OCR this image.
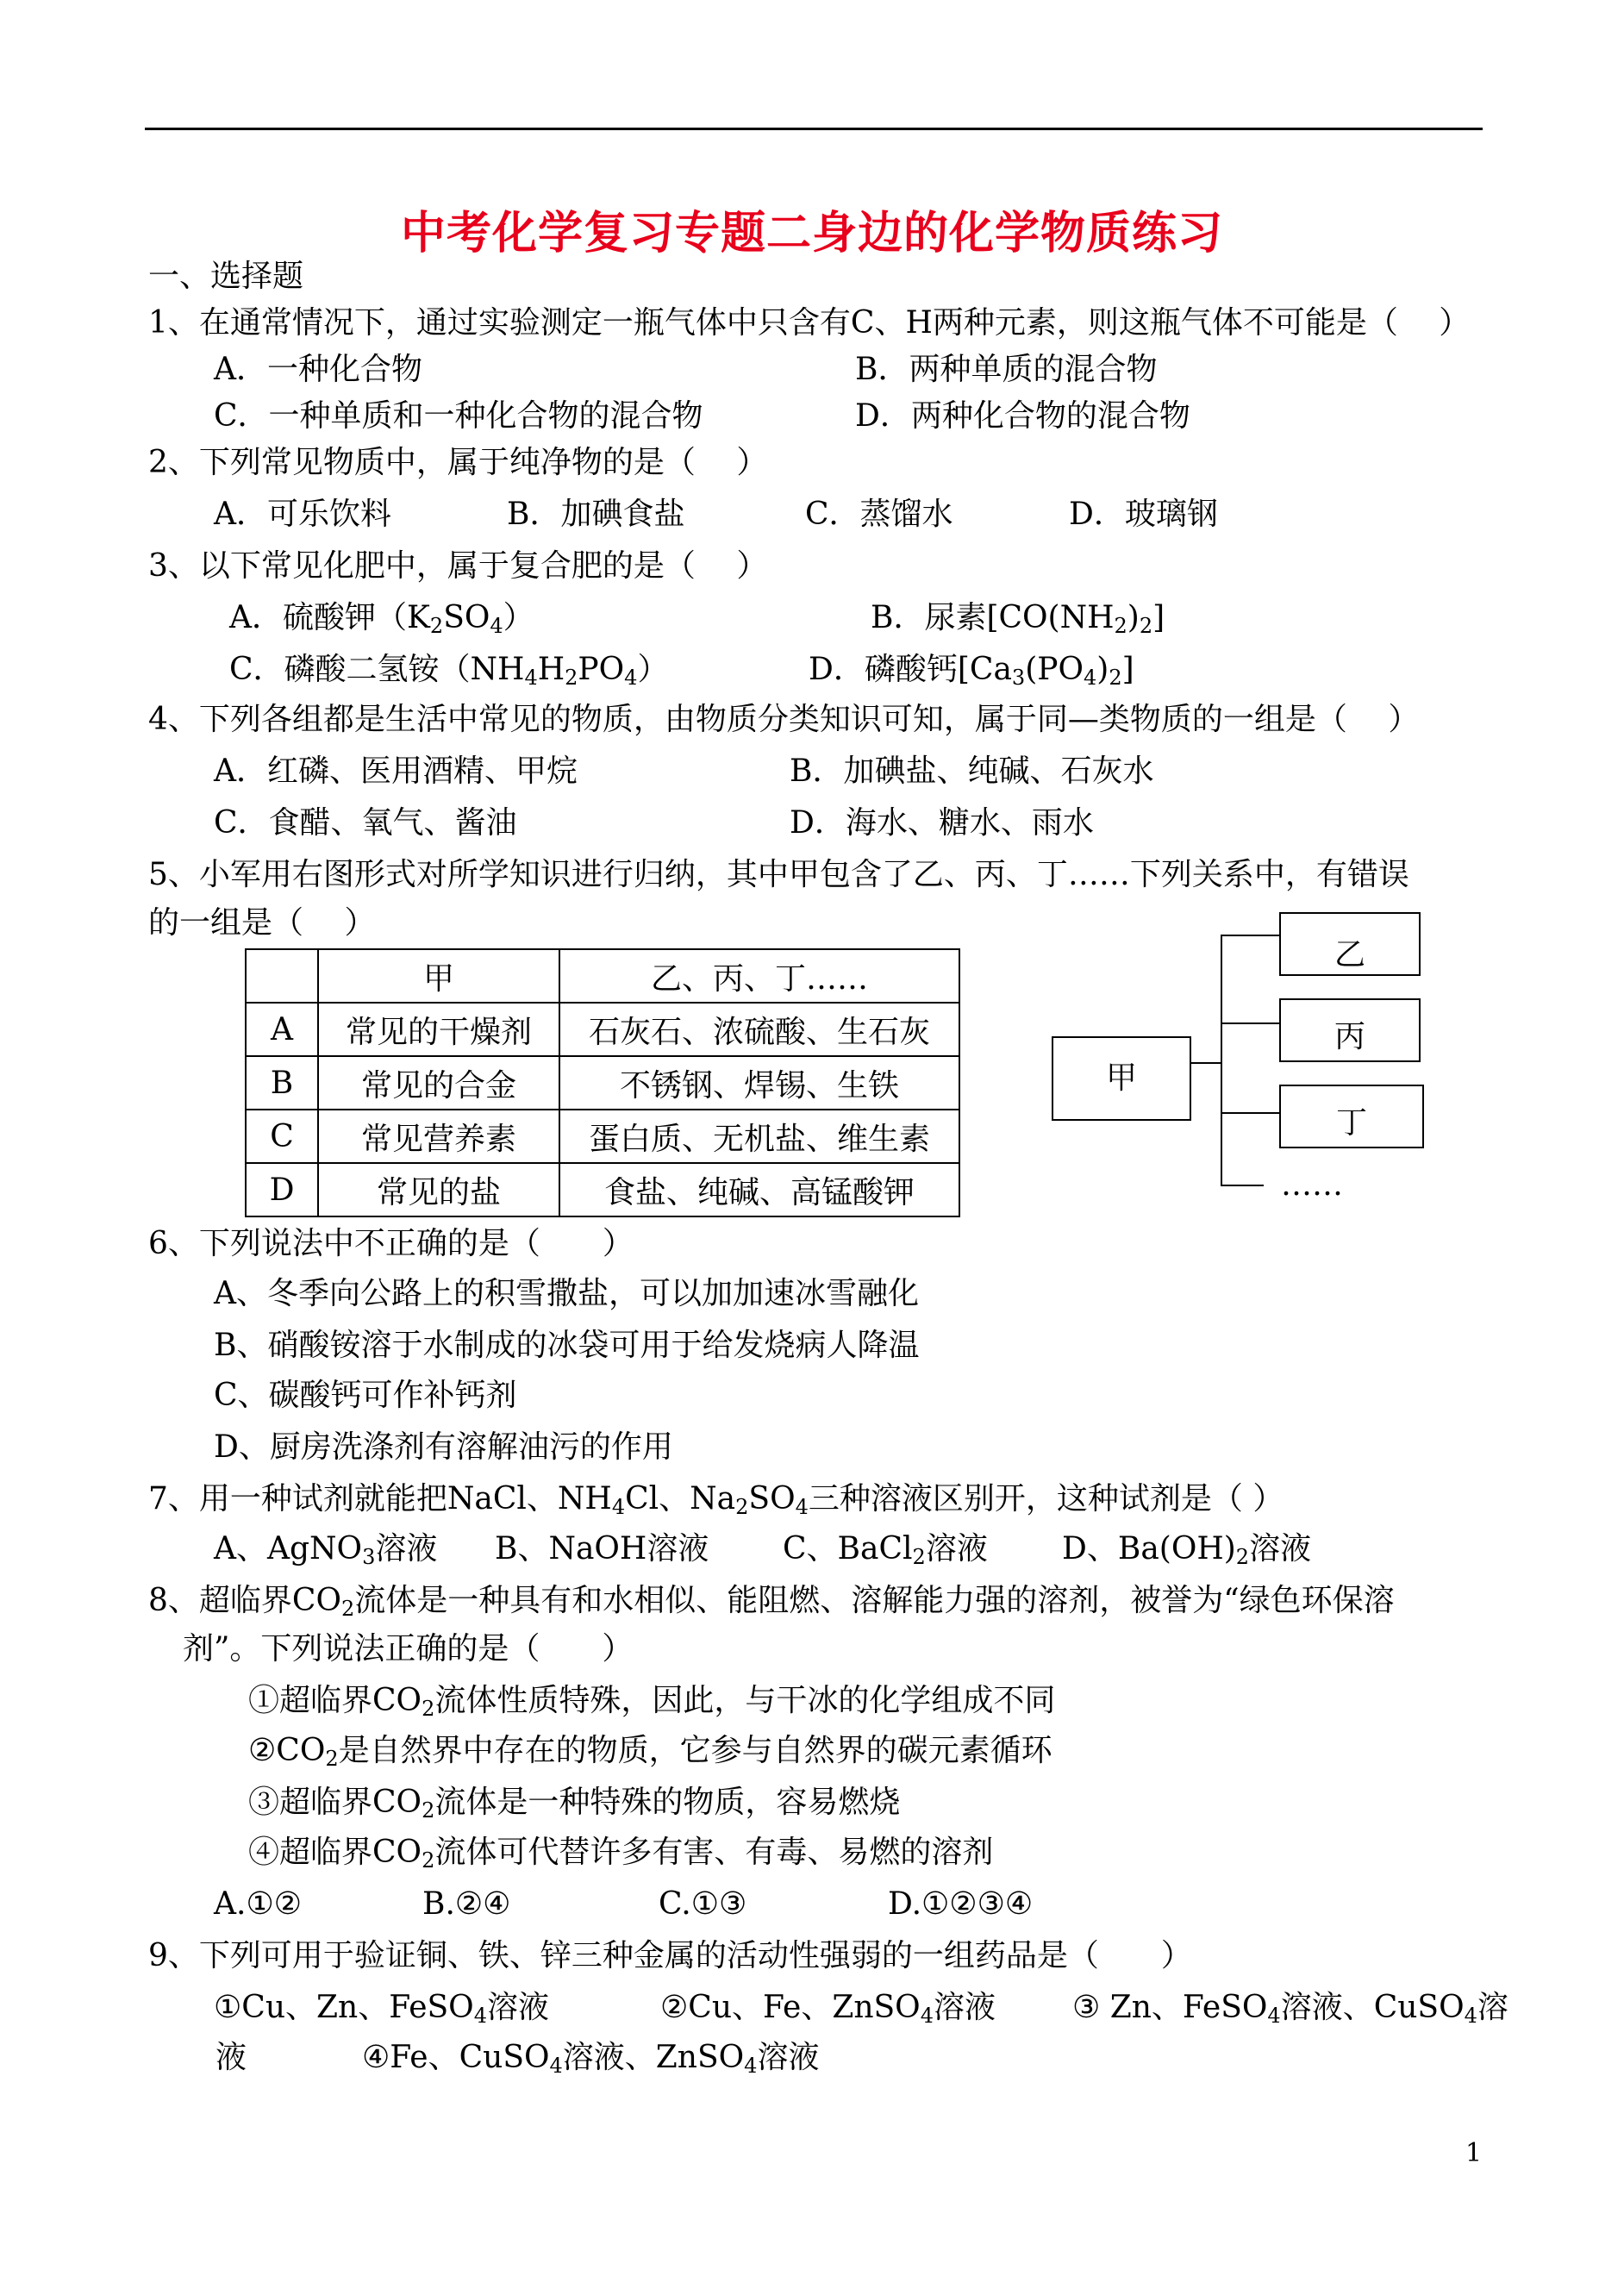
中考化学复习专题二身边的化学物质练习
一、选择题
1、在通常情况下，通过实验测定一瓶气体中只含有C、H两种元素，则这瓶气体不可能是（　 ）
A．一种化合物	B．两种单质的混合物
C．一种单质和一种化合物的混合物	D．两种化合物的混合物
2、下列常见物质中，属于纯净物的是（　 ）
A．可乐饮料	B．加碘食盐	C．蒸馏水	D．玻璃钢
3、以下常见化肥中，属于复合肥的是（　 ）
A．硫酸钾$(K_2SO_4)$	B．尿素$[CO(NH_2)_2]$
C．磷酸二氢铵$(NH_4H_2PO_4)$	D．磷酸钙$[Ca_3(PO_4)_2]$
4、下列各组都是生活中常见的物质，由物质分类知识可知，属于同—类物质的一组是（　 ）
A．红磷、医用酒精、甲烷	B．加碘盐、纯碱、石灰水
C．食醋、氧气、酱油	D．海水、糖水、雨水
5、小军用右图形式对所学知识进行归纳，其中甲包含了乙、丙、丁……下列关系中，有错误
的一组是（　 ）
	甲	乙、丙、丁……
A	常见的干燥剂	石灰石、浓硫酸、生石灰
B	常见的合金	不锈钢、焊锡、生铁
C	常见营养素	蛋白质、无机盐、维生素
D	常见的盐	食盐、纯碱、高锰酸钾
甲
乙
丙
丁
……
6、下列说法中不正确的是（　　）
A、冬季向公路上的积雪撒盐，可以加加速冰雪融化
B、硝酸铵溶于水制成的冰袋可用于给发烧病人降温
C、碳酸钙可作补钙剂
D、厨房洗涤剂有溶解油污的作用
7、用一种试剂就能把NaCl、$NH_4Cl$、$Na_2SO_4$三种溶液区别开，这种试剂是（ ）
A、AgNO$_3$溶液 B、NaOH溶液 C、BaCl$_2$溶液 D、$Ba(OH)_2$溶液
8、超临界$CO_2$流体是一种具有和水相似、能阻燃、溶解能力强的溶剂，被誉为“绿色环保溶
剂”。下列说法正确的是（　　）
①超临界$CO_2$流体性质特殊，因此，与干冰的化学组成不同
$②CO_2$是自然界中存在的物质，它参与自然界的碳元素循环
③超临界$CO_2$流体是一种特殊的物质，容易燃烧
④超临界$CO_2$流体可代替许多有害、有毒、易燃的溶剂
A.①②	B.②④	C.①③	D.①②③④
9、下列可用于验证铜、铁、锌三种金属的活动性强弱的一组药品是（　　）
①Cu、Zn、FeSO$_4$溶液	②Cu、Fe、ZnSO$_4$溶液 ③ Zn、FeSO$_4$溶液、CuSO$_4$溶
液	④Fe、CuSO$_4$溶液、ZnSO$_4$溶液
1
